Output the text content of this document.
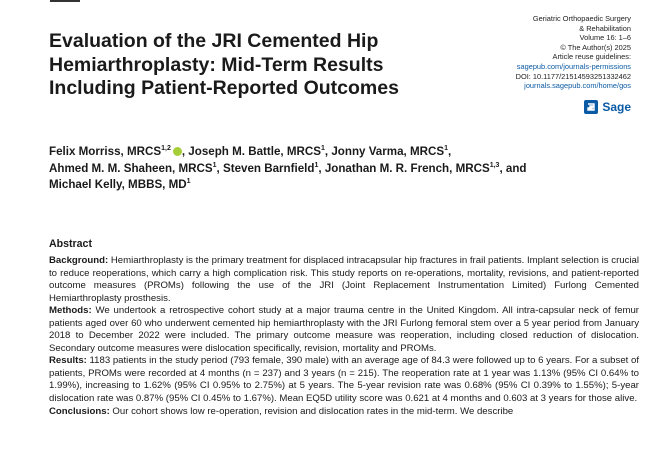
Evaluation of the JRI Cemented Hip
Hemiarthroplasty: Mid-Term Results
Including Patient-Reported Outcomes
Geriatric Orthopaedic Surgery
& Rehabilitation
Volume 16: 1–6
© The Author(s) 2025
Article reuse guidelines:
sagepub.com/journals-permissions
DOI: 10.1177/21514593251332462
journals.sagepub.com/home/gos
Sage
Felix Morriss, MRCS$^{1,2}$ , Joseph M. Battle, MRCS$^1$, Jonny Varma, MRCS$^1$,
Ahmed M. M. Shaheen, MRCS$^1$, Steven Barnfield$^1$, Jonathan M. R. French, MRCS$^{1,3}$, and
Michael Kelly, MBBS, $MD^1$
Abstract

Background: Hemiarthroplasty is the primary treatment for displaced intracapsular hip fractures in frail patients. Implant selection is crucial to reduce reoperations, which carry a high complication risk. This study reports on re-operations, mortality, revisions, and patient-reported outcome measures (PROMs) following the use of the JRI (Joint Replacement Instrumentation Limited) Furlong Cemented Hemiarthroplasty prosthesis.

Methods: We undertook a retrospective cohort study at a major trauma centre in the United Kingdom. All intra-capsular neck of femur patients aged over 60 who underwent cemented hip hemiarthroplasty with the JRI Furlong femoral stem over a 5 year period from January 2018 to December 2022 were included. The primary outcome measure was reoperation, including closed reduction of dislocation. Secondary outcome measures were dislocation specifically, revision, mortality and PROMs.

Results: 1183 patients in the study period (793 female, 390 male) with an average age of 84.3 were followed up to 6 years. For a subset of patients, PROMs were recorded at 4 months (n = 237) and 3 years (n = 215). The reoperation rate at 1 year was 1.13% (95% CI 0.64% to 1.99%), increasing to 1.62% (95% CI 0.95% to 2.75%) at 5 years. The 5-year revision rate was 0.68% (95% CI 0.39% to 1.55%); 5-year dislocation rate was 0.87% (95% CI 0.45% to 1.67%). Mean EQ5D utility score was 0.621 at 4 months and 0.603 at 3 years for those alive.

Conclusions: Our cohort shows low re-operation, revision and dislocation rates in the mid-term. We describe
